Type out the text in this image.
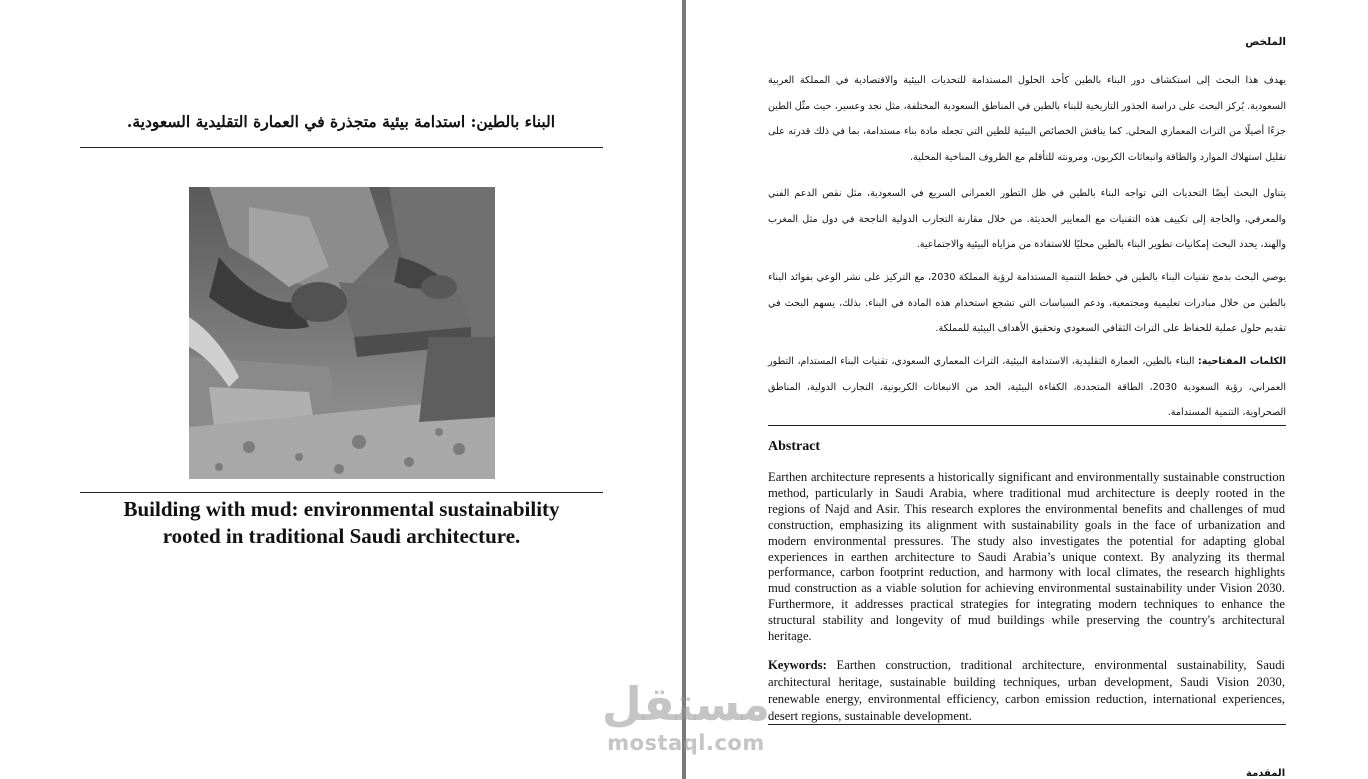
البناء بالطين: استدامة بيئية متجذرة في العمارة التقليدية السعودية.
Building with mud: environmental sustainability
rooted in traditional Saudi architecture.
الملخص
يهدف هذا البحث إلى استكشاف دور البناء بالطين كأحد الحلول المستدامة للتحديات البيئية والاقتصادية في المملكة العربية السعودية. يُركز البحث على دراسة الجذور التاريخية للبناء بالطين في المناطق السعودية المختلفة، مثل نجد وعسير، حيث مثّل الطين جزءًا أصيلًا من التراث المعماري المحلي. كما يناقش الخصائص البيئية للطين التي تجعله مادة بناء مستدامة، بما في ذلك قدرته على تقليل استهلاك الموارد والطاقة وانبعاثات الكربون، ومرونته للتأقلم مع الظروف المناخية المحلية.
يتناول البحث أيضًا التحديات التي تواجه البناء بالطين في ظل التطور العمراني السريع في السعودية، مثل نقص الدعم الفني والمعرفي، والحاجة إلى تكييف هذه التقنيات مع المعايير الحديثة. من خلال مقارنة التجارب الدولية الناجحة في دول مثل المغرب والهند، يحدد البحث إمكانيات تطوير البناء بالطين محليًا للاستفادة من مزاياه البيئية والاجتماعية.
يوصي البحث بدمج تقنيات البناء بالطين في خطط التنمية المستدامة لرؤية المملكة 2030، مع التركيز على نشر الوعي بفوائد البناء بالطين من خلال مبادرات تعليمية ومجتمعية، ودعم السياسات التي تشجع استخدام هذه المادة في البناء. بذلك، يسهم البحث في تقديم حلول عملية للحفاظ على التراث الثقافي السعودي وتحقيق الأهداف البيئية للمملكة.
الكلمات المفتاحية: البناء بالطين، العمارة التقليدية، الاستدامة البيئية، التراث المعماري السعودي، تقنيات البناء المستدام، التطور العمراني، رؤية السعودية 2030، الطاقة المتجددة، الكفاءة البيئية، الحد من الانبعاثات الكربونية، التجارب الدولية، المناطق الصحراوية، التنمية المستدامة.
Abstract
Earthen architecture represents a historically significant and environmentally sustainable construction method, particularly in Saudi Arabia, where traditional mud architecture is deeply rooted in the regions of Najd and Asir. This research explores the environmental benefits and challenges of mud construction, emphasizing its alignment with sustainability goals in the face of urbanization and modern environmental pressures. The study also investigates the potential for adapting global experiences in earthen architecture to Saudi Arabia’s unique context. By analyzing its thermal performance, carbon footprint reduction, and harmony with local climates, the research highlights mud construction as a viable solution for achieving environmental sustainability under Vision 2030. Furthermore, it addresses practical strategies for integrating modern techniques to enhance the structural stability and longevity of mud buildings while preserving the country's architectural heritage.
Keywords: Earthen construction, traditional architecture, environmental sustainability, Saudi architectural heritage, sustainable building techniques, urban development, Saudi Vision 2030, renewable energy, environmental efficiency, carbon emission reduction, international experiences, desert regions, sustainable development.
المقدمة
مستقل
mostaql.com
